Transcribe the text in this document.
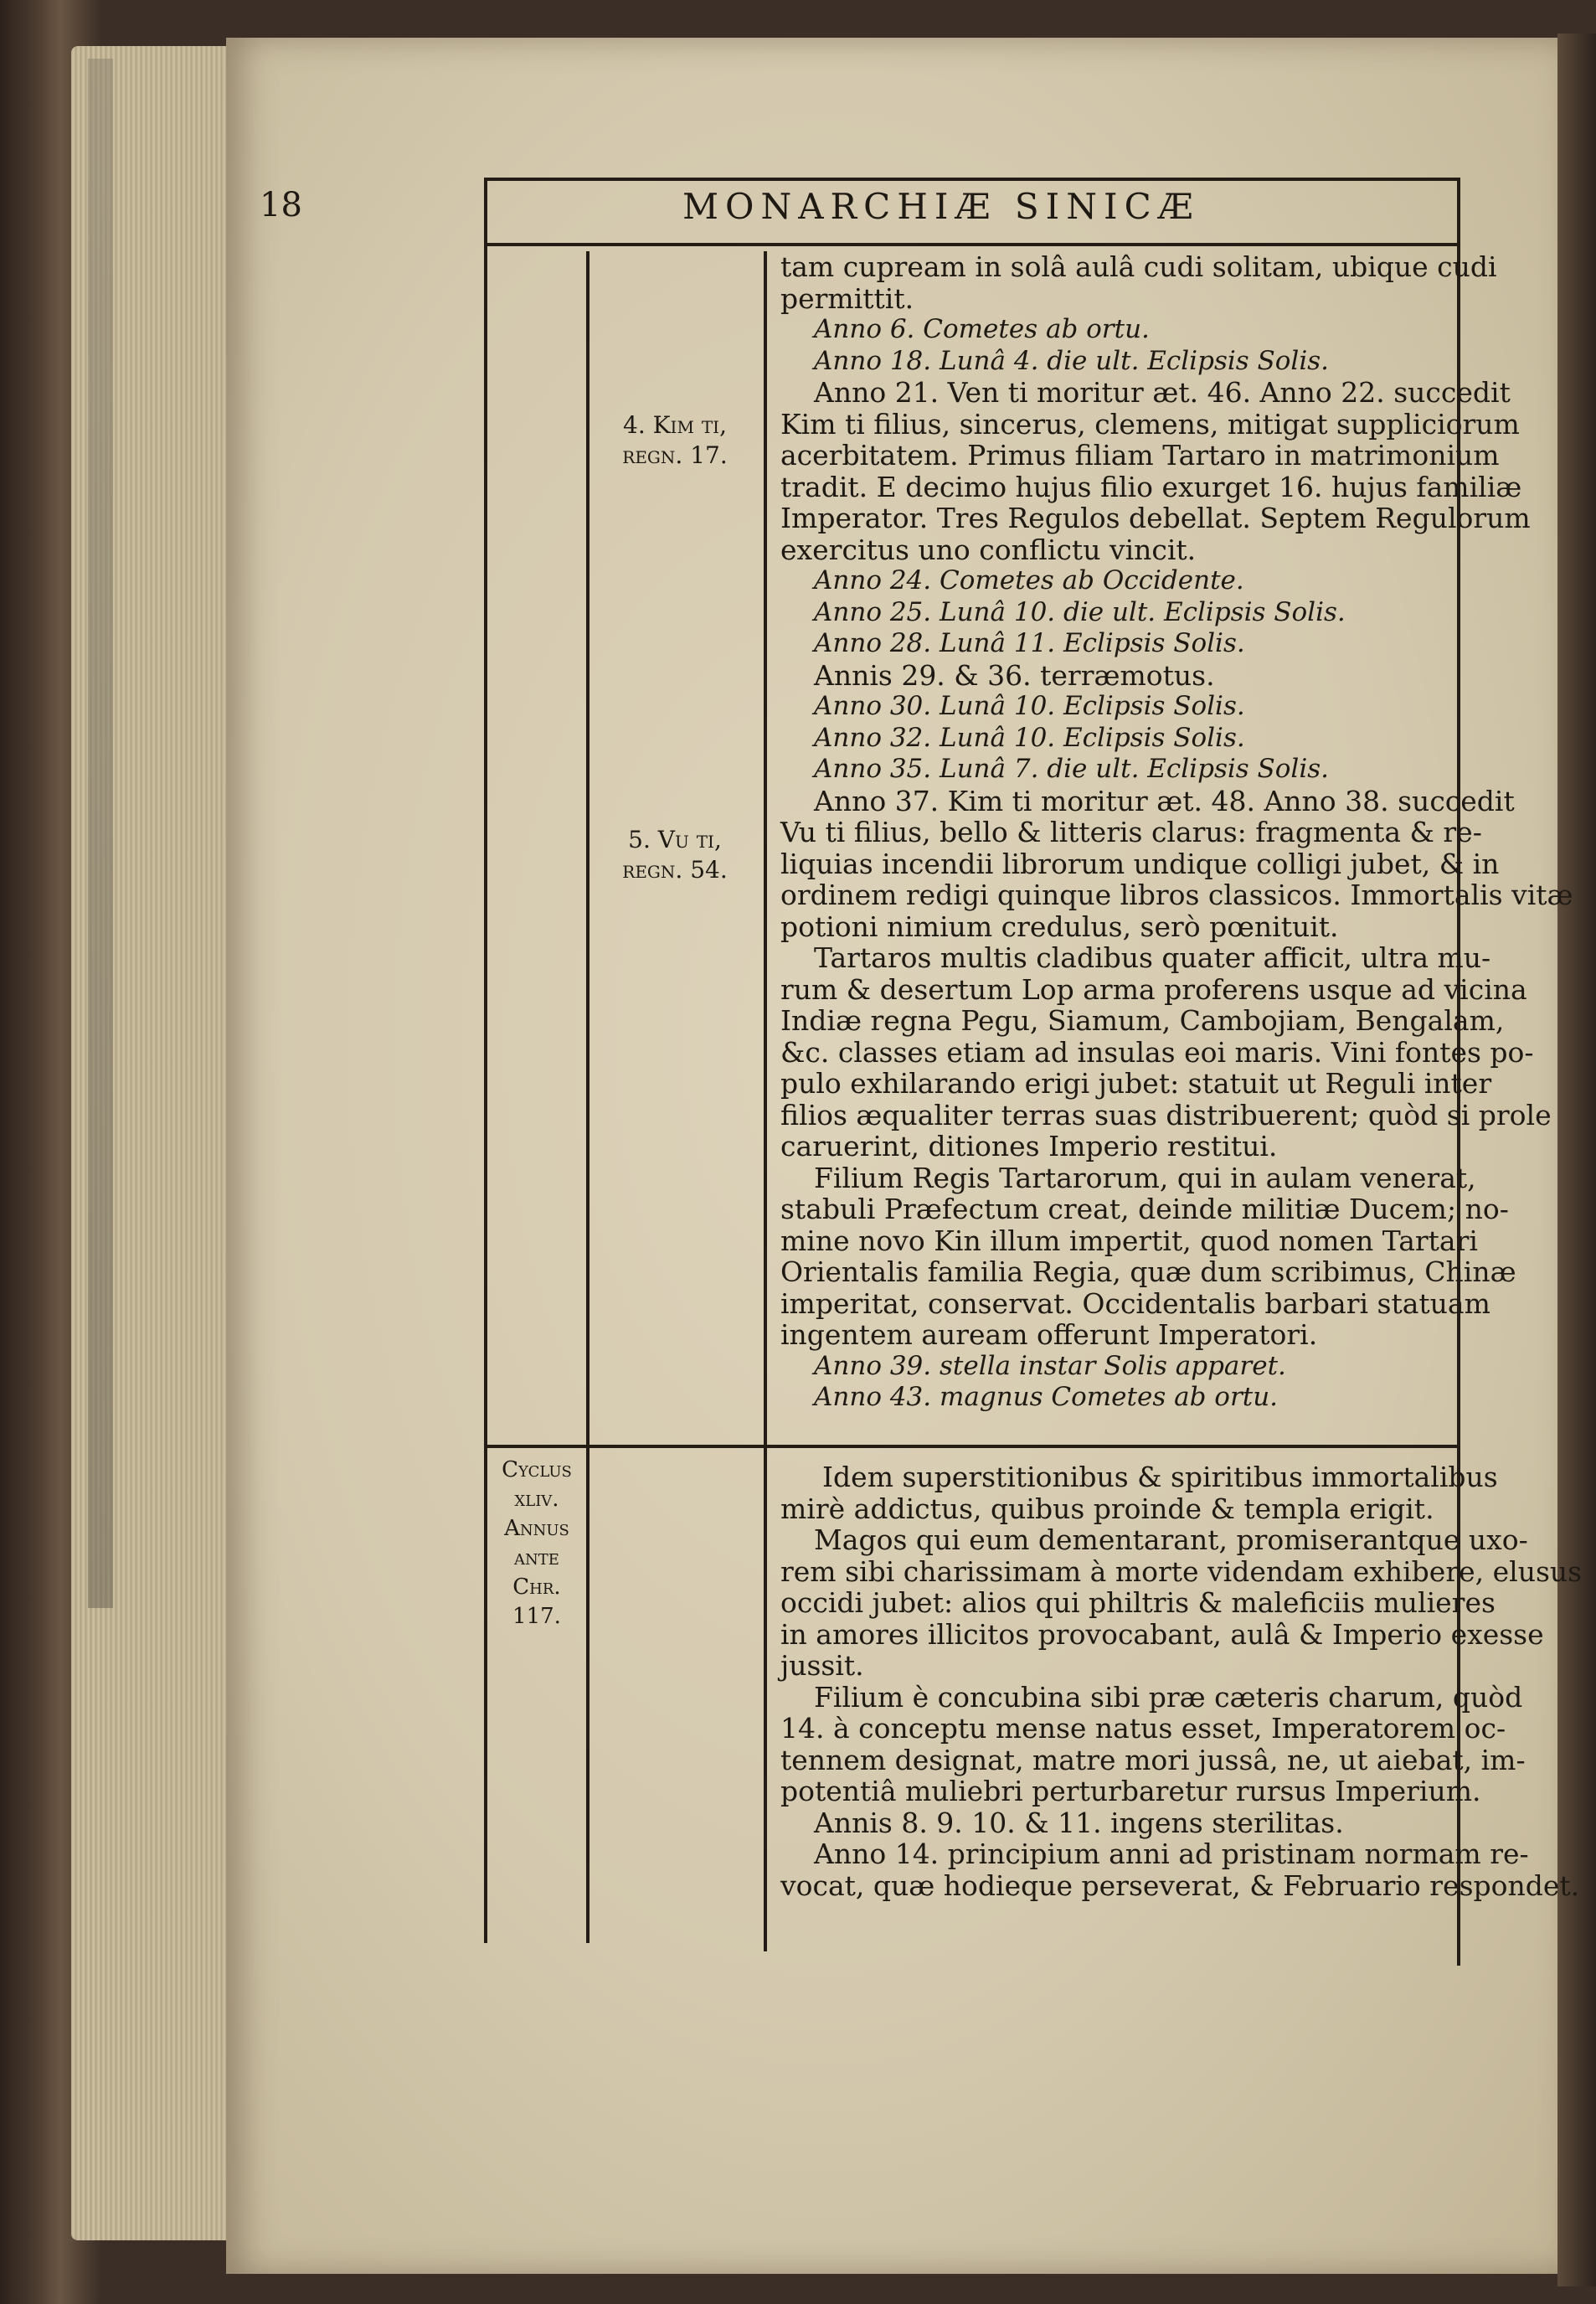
18	MONARCHIÆ SINICÆ
4. Kim ti,
regn. 17.
5. Vu ti,
regn. 54.
Cyclus
xliv.
Annus
ante Chr.
117.
tam cupream in solâ aulâ cudi solitam, ubique cudi
permittit.
Anno 6. Cometes ab ortu.
Anno 18. Lunâ 4. die ult. Eclipsis Solis.
Anno 21. Ven ti moritur æt. 46. Anno 22. succedit
Kim ti filius, sincerus, clemens, mitigat suppliciorum
acerbitatem. Primus filiam Tartaro in matrimonium
tradit. E decimo hujus filio exurget 16. hujus familiæ
Imperator. Tres Regulos debellat. Septem Regulorum
exercitus uno conflictu vincit.
Anno 24. Cometes ab Occidente.
Anno 25. Lunâ 10. die ult. Eclipsis Solis.
Anno 28. Lunâ 11. Eclipsis Solis.
Annis 29. & 36. terræmotus.
Anno 30. Lunâ 10. Eclipsis Solis.
Anno 32. Lunâ 10. Eclipsis Solis.
Anno 35. Lunâ 7. die ult. Eclipsis Solis.
Anno 37. Kim ti moritur æt. 48. Anno 38. succedit
Vu ti filius, bello & litteris clarus: fragmenta & re-
liquias incendii librorum undique colligi jubet, & in
ordinem redigi quinque libros classicos. Immortalis vitæ
potioni nimium credulus, serò pœnituit.
Tartaros multis cladibus quater afficit, ultra mu-
rum & desertum Lop arma proferens usque ad vicina
Indiæ regna Pegu, Siamum, Cambojiam, Bengalam,
&c. classes etiam ad insulas eoi maris. Vini fontes po-
pulo exhilarando erigi jubet: statuit ut Reguli inter
filios æqualiter terras suas distribuerent; quòd si prole
caruerint, ditiones Imperio restitui.
Filium Regis Tartarorum, qui in aulam venerat,
stabuli Præfectum creat, deinde militiæ Ducem; no-
mine novo Kin illum impertit, quod nomen Tartari
Orientalis familia Regia, quæ dum scribimus, Chinæ
imperitat, conservat. Occidentalis barbari statuam
ingentem auream offerunt Imperatori.
Anno 39. stella instar Solis apparet.
Anno 43. magnus Cometes ab ortu.
Idem superstitionibus & spiritibus immortalibus
mirè addictus, quibus proinde & templa erigit.
Magos qui eum dementarant, promiserantque uxo-
rem sibi charissimam à morte videndam exhibere, elusus
occidi jubet: alios qui philtris & maleficiis mulieres
in amores illicitos provocabant, aulâ & Imperio exesse
jussit.
Filium è concubina sibi præ cæteris charum, quòd
14. à conceptu mense natus esset, Imperatorem oc-
tennem designat, matre mori jussâ, ne, ut aiebat, im-
potentiâ muliebri perturbaretur rursus Imperium.
Annis 8. 9. 10. & 11. ingens sterilitas.
Anno 14. principium anni ad pristinam normam re-
vocat, quæ hodieque perseverat, & Februario respondet.
